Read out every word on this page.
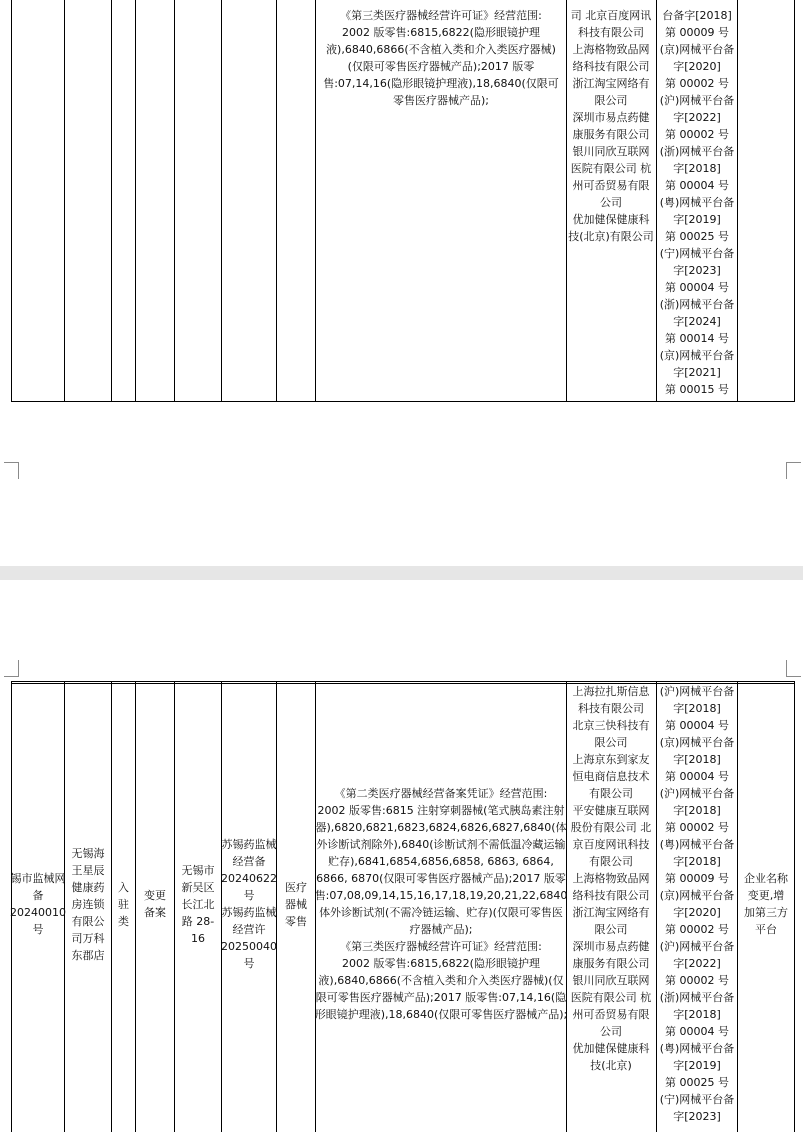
《第三类医疗器械经营许可证》经营范围:
2002 版零售:6815,6822(隐形眼镜护理液),6840,6866(不含植入类和介入类医疗器械)(仅限可零售医疗器械产品);2017 版零售:07,14,16(隐形眼镜护理液),18,6840(仅限可零售医疗器械产品);
司 北京百度网讯科技有限公司
上海格物致品网络科技有限公司浙江淘宝网络有限公司
深圳市易点药健康服务有限公司银川同欣互联网医院有限公司 杭州可岙贸易有限公司
优加健保健康科技(北京)有限公司
台备字[2018]
第 00009 号
(京)网械平台备字[2020]
第 00002 号
(沪)网械平台备字[2022]
第 00002 号
(浙)网械平台备字[2018]
第 00004 号
(粤)网械平台备字[2019]
第 00025 号
(宁)网械平台备字[2023]
第 00004 号
(浙)网械平台备字[2024]
第 00014 号
(京)网械平台备字[2021]
第 00015 号
锡市监械网备 20240010 号
无锡海王星辰健康药房连锁有限公司万科东郡店
入驻类
变更备案
无锡市新吴区长江北路 28-16
苏锡药监械经营备 20240622 号
苏锡药监械经营许 20250040 号
医疗器械零售
《第二类医疗器械经营备案凭证》经营范围:
2002 版零售:6815 注射穿刺器械(笔式胰岛素注射器),6820,6821,6823,6824,6826,6827,6840(体外诊断试剂除外),6840(诊断试剂不需低温冷藏运输贮存),6841,6854,6856,6858, 6863, 6864, 6866, 6870(仅限可零售医疗器械产品);2017 版零售:07,08,09,14,15,16,17,18,19,20,21,22,6840 体外诊断试剂(不需冷链运输、贮存)(仅限可零售医疗器械产品);
《第三类医疗器械经营许可证》经营范围:
2002 版零售:6815,6822(隐形眼镜护理液),6840,6866(不含植入类和介入类医疗器械)(仅限可零售医疗器械产品);2017 版零售:07,14,16(隐形眼镜护理液),18,6840(仅限可零售医疗器械产品);
上海拉扎斯信息科技有限公司
北京三快科技有限公司
上海京东到家友恒电商信息技术有限公司
平安健康互联网股份有限公司 北京百度网讯科技有限公司
上海格物致品网络科技有限公司浙江淘宝网络有限公司
深圳市易点药健康服务有限公司银川同欣互联网医院有限公司 杭州可岙贸易有限公司
优加健保健康科技(北京)
(沪)网械平台备字[2018]
第 00004 号
(京)网械平台备字[2018]
第 00004 号
(沪)网械平台备字[2018]
第 00002 号
(粤)网械平台备字[2018]
第 00009 号
(京)网械平台备字[2020]
第 00002 号
(沪)网械平台备字[2022]
第 00002 号
(浙)网械平台备字[2018]
第 00004 号
(粤)网械平台备字[2019]
第 00025 号
(宁)网械平台备字[2023]
企业名称变更,增加第三方平台
